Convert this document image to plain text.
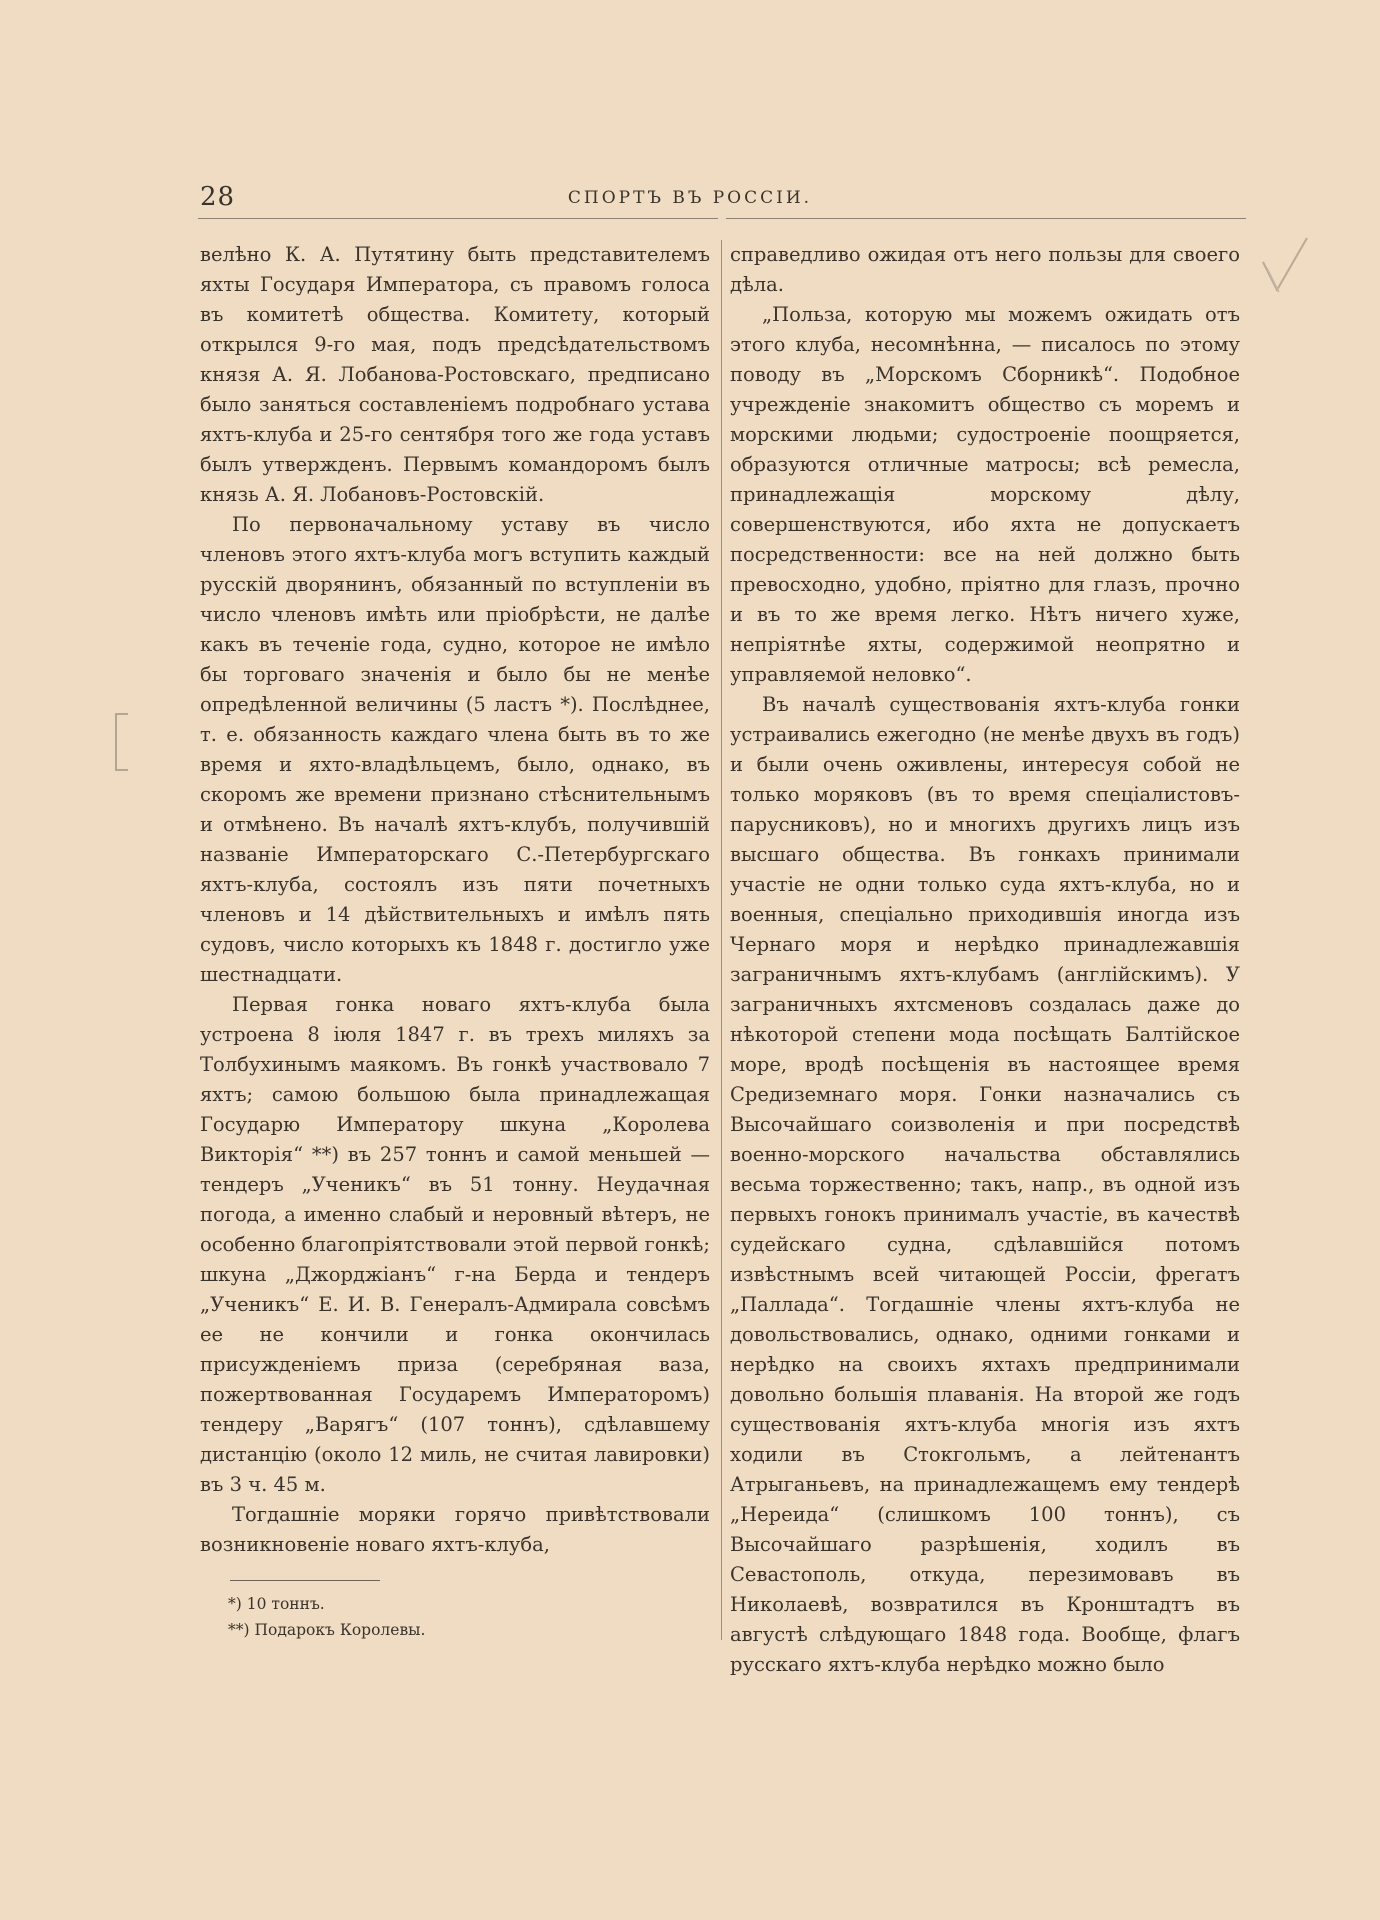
28	СПОРТЪ ВЪ РОССІИ.

велѣно К. А. Путятину быть представителемъ яхты Государя Императора, съ правомъ голоса въ комитетѣ общества. Комитету, который открылся 9-го мая, подъ предсѣдательствомъ князя А. Я. Лобанова-Ростовскаго, предписано было заняться составленіемъ подробнаго устава яхтъ-клуба и 25-го сентября того же года уставъ былъ утвержденъ. Первымъ командоромъ былъ князь А. Я. Лобановъ-Ростовскій.

По первоначальному уставу въ число членовъ этого яхтъ-клуба могъ вступить каждый русскій дворянинъ, обязанный по вступленіи въ число членовъ имѣть или пріобрѣсти, не далѣе какъ въ теченіе года, судно, которое не имѣло бы торговаго значенія и было бы не менѣе опредѣленной величины (5 ластъ *). Послѣднее, т. е. обязанность каждаго члена быть въ то же время и яхто-владѣльцемъ, было, однако, въ скоромъ же времени признано стѣснительнымъ и отмѣнено. Въ началѣ яхтъ-клубъ, получившій названіе Императорскаго С.-Петербургскаго яхтъ-клуба, состоялъ изъ пяти почетныхъ членовъ и 14 дѣйствительныхъ и имѣлъ пять судовъ, число которыхъ къ 1848 г. достигло уже шестнадцати.

Первая гонка новаго яхтъ-клуба была устроена 8 іюля 1847 г. въ трехъ миляхъ за Толбухинымъ маякомъ. Въ гонкѣ участвовало 7 яхтъ; самою большою была принадлежащая Государю Императору шкуна „Королева Викторія“ **) въ 257 тоннъ и самой меньшей — тендеръ „Ученикъ“ въ 51 тонну. Неудачная погода, а именно слабый и неровный вѣтеръ, не особенно благопріятствовали этой первой гонкѣ; шкуна „Джорджіанъ“ г-на Берда и тендеръ „Ученикъ“ Е. И. В. Генералъ-Адмирала совсѣмъ ее не кончили и гонка окончилась присужденіемъ приза (серебряная ваза, пожертвованная Государемъ Императоромъ) тендеру „Варягъ“ (107 тоннъ), сдѣлавшему дистанцію (около 12 миль, не считая лавировки) въ 3 ч. 45 м.

Тогдашніе моряки горячо привѣтствовали возникновеніе новаго яхтъ-клуба,

*) 10 тоннъ.
**) Подарокъ Королевы.

справедливо ожидая отъ него пользы для своего дѣла.

„Польза, которую мы можемъ ожидать отъ этого клуба, несомнѣнна, — писалось по этому поводу въ „Морскомъ Сборникѣ“. Подобное учрежденіе знакомитъ общество съ моремъ и морскими людьми; судостроеніе поощряется, образуются отличные матросы; всѣ ремесла, принадлежащія морскому дѣлу, совершенствуются, ибо яхта не допускаетъ посредственности: все на ней должно быть превосходно, удобно, пріятно для глазъ, прочно и въ то же время легко. Нѣтъ ничего хуже, непріятнѣе яхты, содержимой неопрятно и управляемой неловко“.

Въ началѣ существованія яхтъ-клуба гонки устраивались ежегодно (не менѣе двухъ въ годъ) и были очень оживлены, интересуя собой не только моряковъ (въ то время спеціалистовъ-парусниковъ), но и многихъ другихъ лицъ изъ высшаго общества. Въ гонкахъ принимали участіе не одни только суда яхтъ-клуба, но и военныя, спеціально приходившія иногда изъ Чернаго моря и нерѣдко принадлежавшія заграничнымъ яхтъ-клубамъ (англійскимъ). У заграничныхъ яхтсменовъ создалась даже до нѣкоторой степени мода посѣщать Балтійское море, вродѣ посѣщенія въ настоящее время Средиземнаго моря. Гонки назначались съ Высочайшаго соизволенія и при посредствѣ военно-морского начальства обставлялись весьма торжественно; такъ, напр., въ одной изъ первыхъ гонокъ принималъ участіе, въ качествѣ судейскаго судна, сдѣлавшійся потомъ извѣстнымъ всей читающей Россіи, фрегатъ „Паллада“. Тогдашніе члены яхтъ-клуба не довольствовались, однако, одними гонками и нерѣдко на своихъ яхтахъ предпринимали довольно большія плаванія. На второй же годъ существованія яхтъ-клуба многія изъ яхтъ ходили въ Стокгольмъ, а лейтенантъ Атрыганьевъ, на принадлежащемъ ему тендерѣ „Нереида“ (слишкомъ 100 тоннъ), съ Высочайшаго разрѣшенія, ходилъ въ Севастополь, откуда, перезимовавъ въ Николаевѣ, возвратился въ Кронштадтъ въ августѣ слѣдующаго 1848 года. Вообще, флагъ русскаго яхтъ-клуба нерѣдко можно было
